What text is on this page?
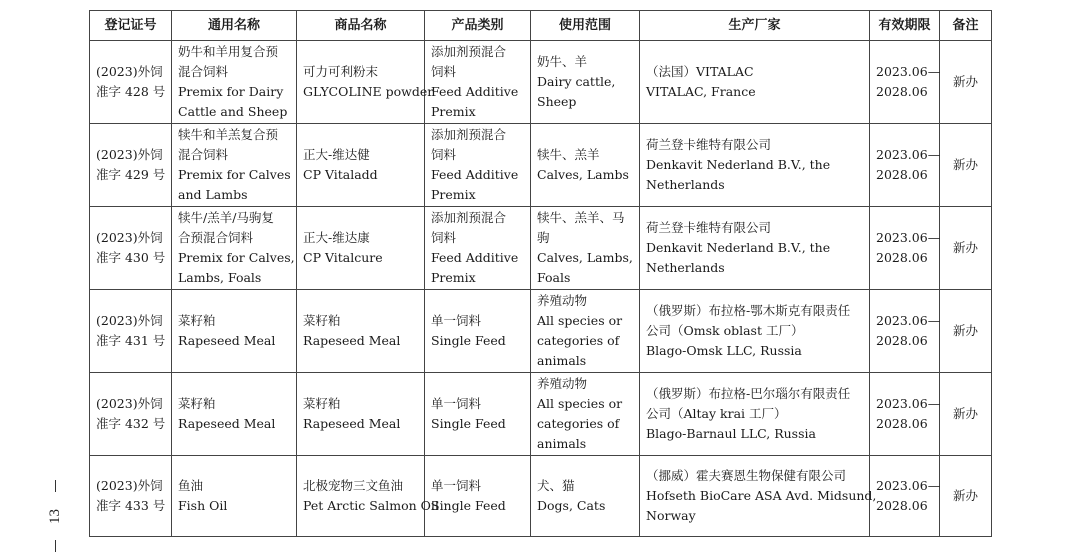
13
登记证号	通用名称	商品名称	产品类别	使用范围	生产厂家	有效期限	备注

(2023)外饲
准字 428 号	奶牛和羊用复合预
混合饲料
Premix for Dairy
Cattle and Sheep	可力可利粉末
GLYCOLINE powder	添加剂预混合
饲料
Feed Additive
Premix	奶牛、羊
Dairy cattle,
Sheep	（法国）VITALAC
VITALAC, France	2023.06—
2028.06	新办

(2023)外饲
准字 429 号	犊牛和羊羔复合预
混合饲料
Premix for Calves
and Lambs	正大-维达健
CP Vitaladd	添加剂预混合
饲料
Feed Additive
Premix	犊牛、羔羊
Calves, Lambs	荷兰登卡维特有限公司
Denkavit Nederland B.V., the
Netherlands	2023.06—
2028.06	新办

(2023)外饲
准字 430 号	犊牛/羔羊/马驹复
合预混合饲料
Premix for Calves,
Lambs, Foals	正大-维达康
CP Vitalcure	添加剂预混合
饲料
Feed Additive
Premix	犊牛、羔羊、马
驹
Calves, Lambs,
Foals	荷兰登卡维特有限公司
Denkavit Nederland B.V., the
Netherlands	2023.06—
2028.06	新办

(2023)外饲
准字 431 号	菜籽粕
Rapeseed Meal	菜籽粕
Rapeseed Meal	单一饲料
Single Feed	养殖动物
All species or
categories of
animals	（俄罗斯）布拉格-鄂木斯克有限责任
公司（Omsk oblast 工厂）
Blago-Omsk LLC, Russia	2023.06—
2028.06	新办

(2023)外饲
准字 432 号	菜籽粕
Rapeseed Meal	菜籽粕
Rapeseed Meal	单一饲料
Single Feed	养殖动物
All species or
categories of
animals	（俄罗斯）布拉格-巴尔瑙尔有限责任
公司（Altay krai 工厂）
Blago-Barnaul LLC, Russia	2023.06—
2028.06	新办

(2023)外饲
准字 433 号	鱼油
Fish Oil	北极宠物三文鱼油
Pet Arctic Salmon Oil	单一饲料
Single Feed	犬、猫
Dogs, Cats	（挪威）霍夫赛恩生物保健有限公司
Hofseth BioCare ASA Avd. Midsund,
Norway	2023.06—
2028.06	新办
